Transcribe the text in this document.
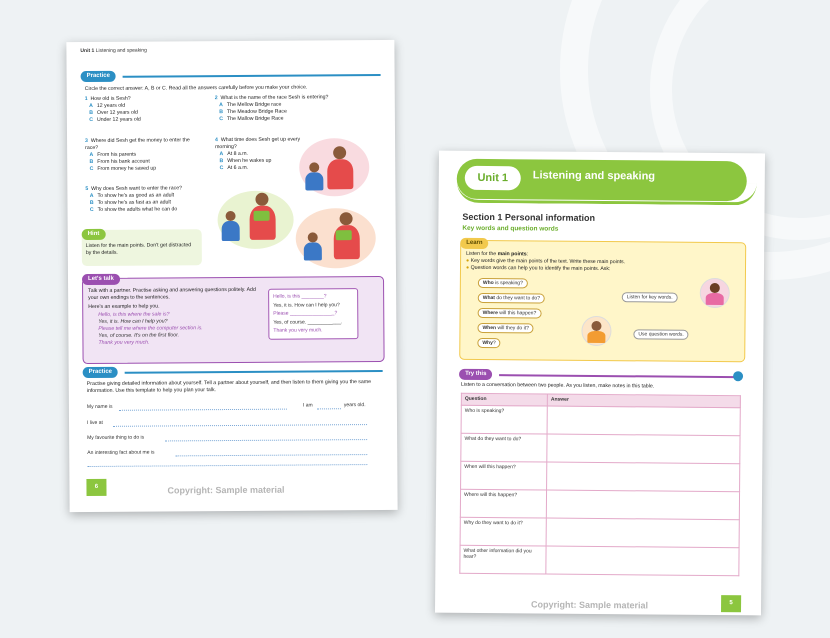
Unit 1 Listening and speaking
Practice
Circle the correct answer: A, B or C. Read all the answers carefully before you make your choice.
1 How old is Sesh?
A 12 years old
B Over 12 years old
C Under 12 years old
2 What is the name of the race Sesh is entering?
A The Mellow Bridge race
B The Meadow Bridge Race
C The Mallow Bridge Race
3 Where did Sesh get the money to enter the race?
A From his parents
B From his bank account
C From money he saved up
4 What time does Sesh get up every morning?
A At 8 a.m.
B When he wakes up
C At 6 a.m.
5 Why does Sesh want to enter the race?
A To show he's as good as an adult
B To show he's as fast as an adult
C To show the adults what he can do
Hint
Listen for the main points. Don't get distracted by the details.
Let's talk
Talk with a partner. Practise asking and answering questions politely. Add your own endings to the sentences.
Here's an example to help you.
Hello, is this where the sale is?
Yes, it is. How can I help you?
Please tell me where the computer section is.
Yes, of course. It's on the first floor.
Thank you very much.
Hello, is this ________?
Yes, it is. How can I help you?
Please ________________?
Yes, of course. ____________.
Thank you very much.
Practice
Practise giving detailed information about yourself. Tell a partner about yourself, and then listen to them giving you the same information. Use this template to help you plan your talk.
My name is	I am	years old.
I live at
My favourite thing to do is
An interesting fact about me is
6	Copyright: Sample material
Unit 1	Listening and speaking
Section 1 Personal information
Key words and question words
Learn
Listen for the main points:
● Key words give the main points of the text. Write these main points.
● Question words can help you to identify the main points. Ask:
Who is speaking?
What do they want to do?
Where will this happen?
When will they do it?
Why?
Listen for key words.
Use question words.
Try this
Listen to a conversation between two people. As you listen, make notes in this table.
Question	Answer
Who is speaking?	
What do they want to do?	
When will this happen?	
Where will this happen?	
Why do they want to do it?	
What other information did you hear?	
Copyright: Sample material	5
